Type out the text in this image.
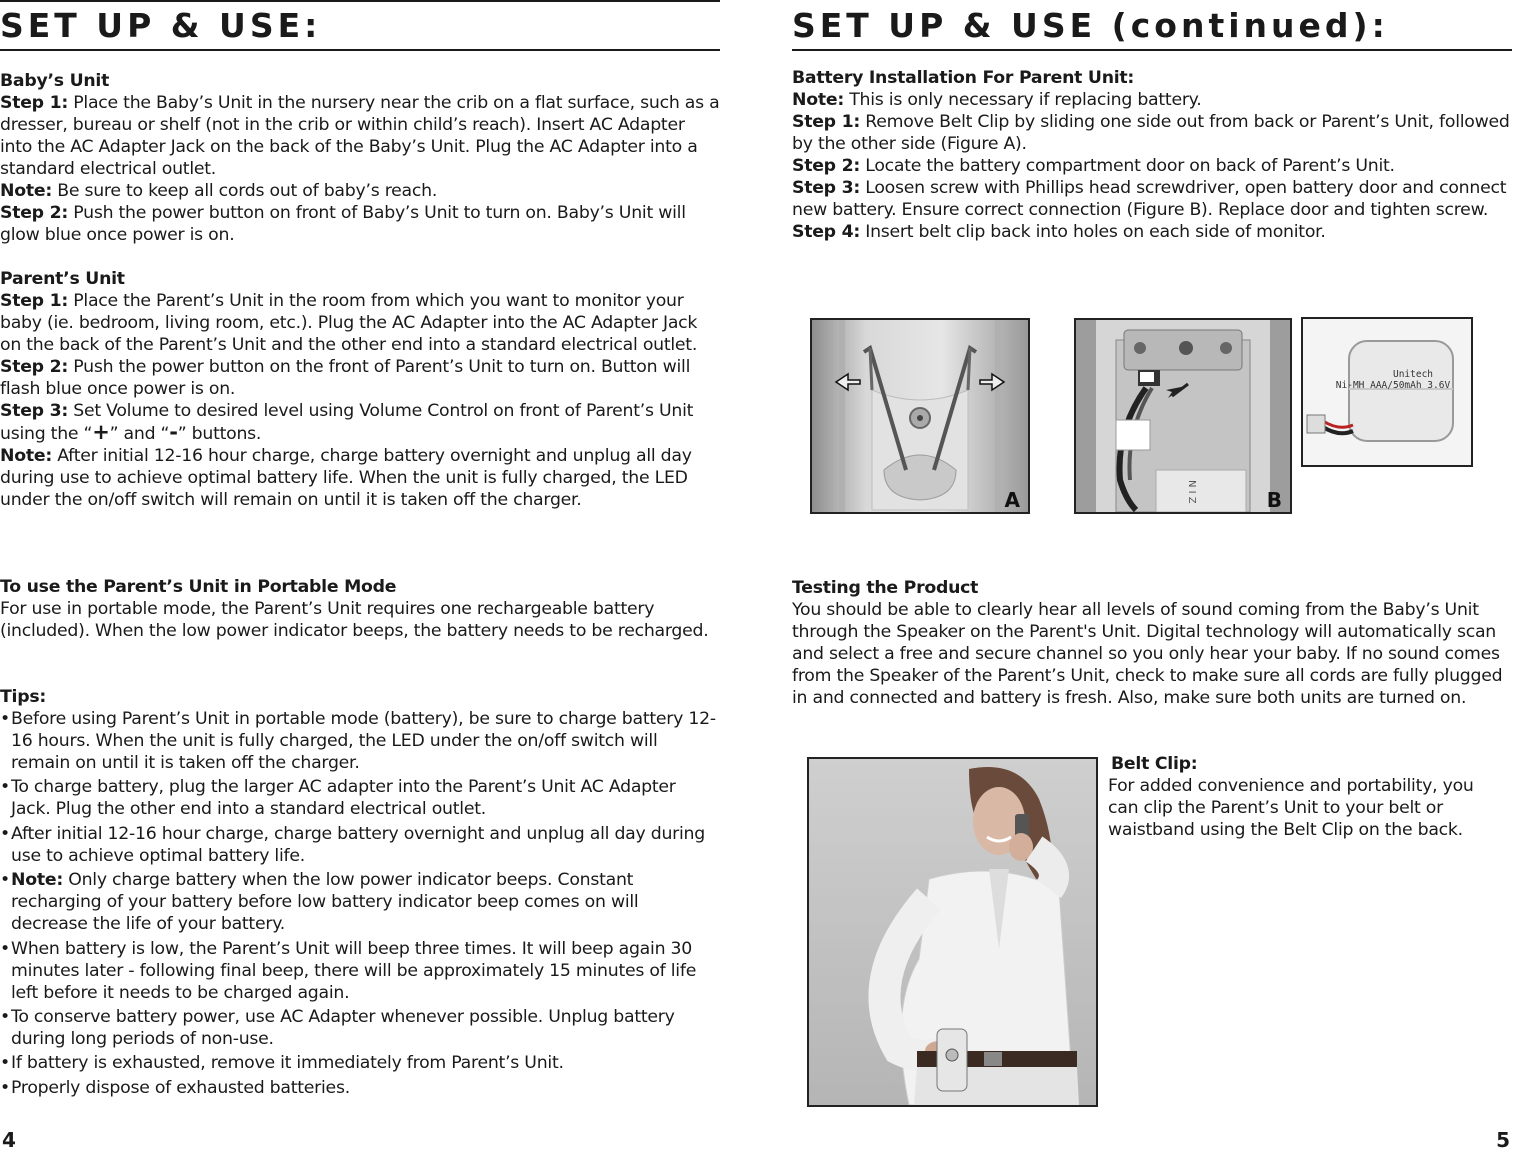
SET UP & USE:
Baby’s Unit

Step 1: Place the Baby’s Unit in the nursery near the crib on a flat surface, such as a dresser, bureau or shelf (not in the crib or within child’s reach). Insert AC Adapter into the AC Adapter Jack on the back of the Baby’s Unit. Plug the AC Adapter into a standard electrical outlet.

Note: Be sure to keep all cords out of baby’s reach.

Step 2: Push the power button on front of Baby’s Unit to turn on. Baby’s Unit will glow blue once power is on.

Parent’s Unit

Step 1: Place the Parent’s Unit in the room from which you want to monitor your baby (ie. bedroom, living room, etc.). Plug the AC Adapter into the AC Adapter Jack on the back of the Parent’s Unit and the other end into a standard electrical outlet.

Step 2: Push the power button on the front of Parent’s Unit to turn on. Button will flash blue once power is on.

Step 3: Set Volume to desired level using Volume Control on front of Parent’s Unit using the “+” and “-” buttons.

Note: After initial 12-16 hour charge, charge battery overnight and unplug all day during use to achieve optimal battery life. When the unit is fully charged, the LED under the on/off switch will remain on until it is taken off the charger.

To use the Parent’s Unit in Portable Mode

For use in portable mode, the Parent’s Unit requires one rechargeable battery (included). When the low power indicator beeps, the battery needs to be recharged.

Tips:
• Before using Parent’s Unit in portable mode (battery), be sure to charge battery 12-16 hours. When the unit is fully charged, the LED under the on/off switch will remain on until it is taken off the charger.
• To charge battery, plug the larger AC adapter into the Parent’s Unit AC Adapter Jack. Plug the other end into a standard electrical outlet.
• After initial 12-16 hour charge, charge battery overnight and unplug all day during use to achieve optimal battery life.
• Note: Only charge battery when the low power indicator beeps. Constant recharging of your battery before low battery indicator beep comes on will decrease the life of your battery.
• When battery is low, the Parent’s Unit will beep three times. It will beep again 30 minutes later - following final beep, there will be approximately 15 minutes of life left before it needs to be charged again.
• To conserve battery power, use AC Adapter whenever possible. Unplug battery during long periods of non-use.
• If battery is exhausted, remove it immediately from Parent’s Unit.
• Properly dispose of exhausted batteries.
4
SET UP & USE (continued):
Battery Installation For Parent Unit:

Note: This is only necessary if replacing battery.

Step 1: Remove Belt Clip by sliding one side out from back or Parent’s Unit, followed by the other side (Figure A).

Step 2: Locate the battery compartment door on back of Parent’s Unit.

Step 3: Loosen screw with Phillips head screwdriver, open battery door and connect new battery. Ensure correct connection (Figure B). Replace door and tighten screw.

Step 4: Insert belt clip back into holes on each side of monitor.

A	N I Z	B
Unitech
Ni-MH AAA/50mAh 3.6V
Testing the Product

You should be able to clearly hear all levels of sound coming from the Baby’s Unit through the Speaker on the Parent's Unit. Digital technology will automatically scan and select a free and secure channel so you only hear your baby. If no sound comes from the Speaker of the Parent’s Unit, check to make sure all cords are fully plugged in and connected and battery is fresh. Also, make sure both units are turned on.

Belt Clip:

For added convenience and portability, you can clip the Parent’s Unit to your belt or waistband using the Belt Clip on the back.

5
